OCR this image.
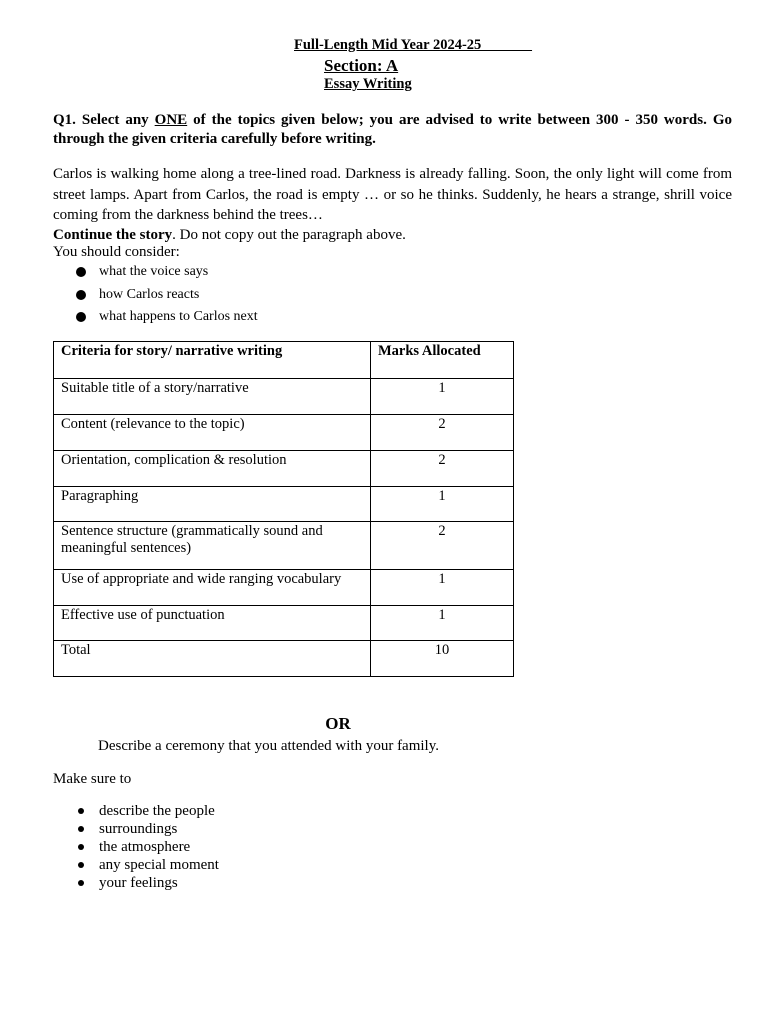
Full-Length Mid Year 2024-25
Section: A
Essay Writing
Q1. Select any ONE of the topics given below; you are advised to write between 300 - 350 words. Go through the given criteria carefully before writing.
Carlos is walking home along a tree-lined road. Darkness is already falling. Soon, the only light will come from street lamps. Apart from Carlos, the road is empty … or so he thinks. Suddenly, he hears a strange, shrill voice coming from the darkness behind the trees…
Continue the story. Do not copy out the paragraph above.
You should consider:
what the voice says
how Carlos reacts
what happens to Carlos next
Criteria for story/ narrative writing	Marks Allocated
Suitable title of a story/narrative	1
Content (relevance to the topic)	2
Orientation, complication & resolution	2
Paragraphing	1
Sentence structure (grammatically sound and meaningful sentences)	2
Use of appropriate and wide ranging vocabulary	1
Effective use of punctuation	1
Total	10
OR
Describe a ceremony that you attended with your family.
Make sure to
describe the people
surroundings
the atmosphere
any special moment
your feelings
